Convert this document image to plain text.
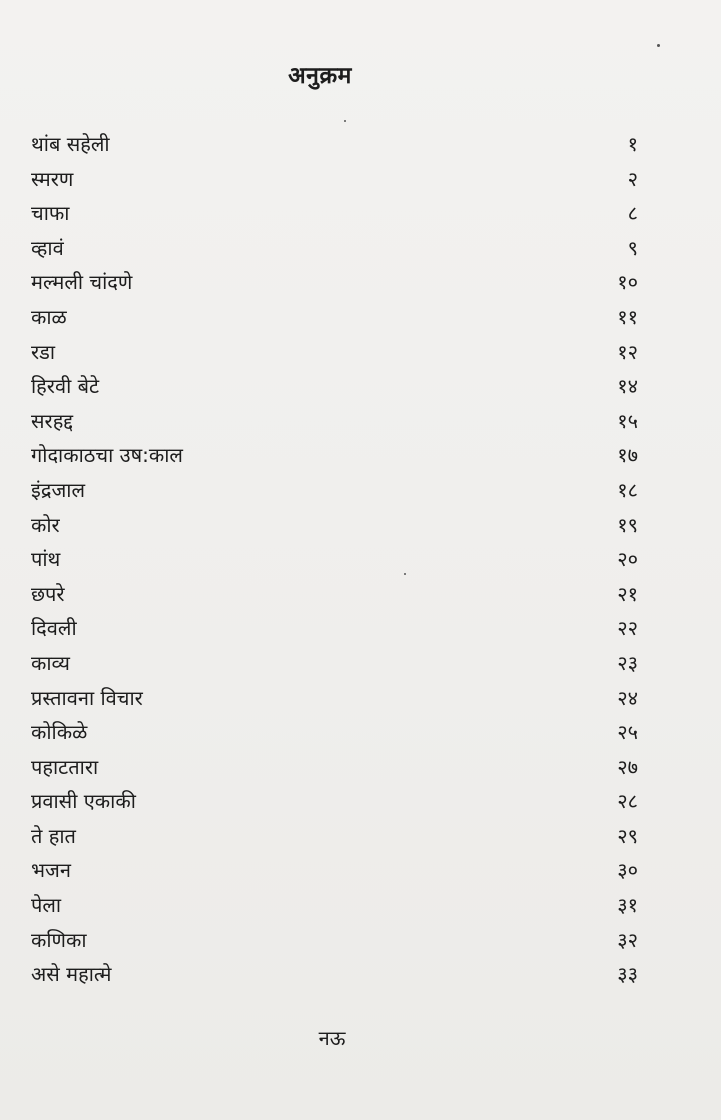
अनुक्रम
थांब सहेली	१
स्मरण	२
चाफा	८
व्हावं	९
मल्मली चांदणे	१०
काळ	११
रडा	१२
हिरवी बेटे	१४
सरहद्द	१५
गोदाकाठचा उष:काल	१७
इंद्रजाल	१८
कोर	१९
पांथ	२०
छपरे	२१
दिवली	२२
काव्य	२३
प्रस्तावना विचार	२४
कोकिळे	२५
पहाटतारा	२७
प्रवासी एकाकी	२८
ते हात	२९
भजन	३०
पेला	३१
कणिका	३२
असे महात्मे	३३
नऊ
